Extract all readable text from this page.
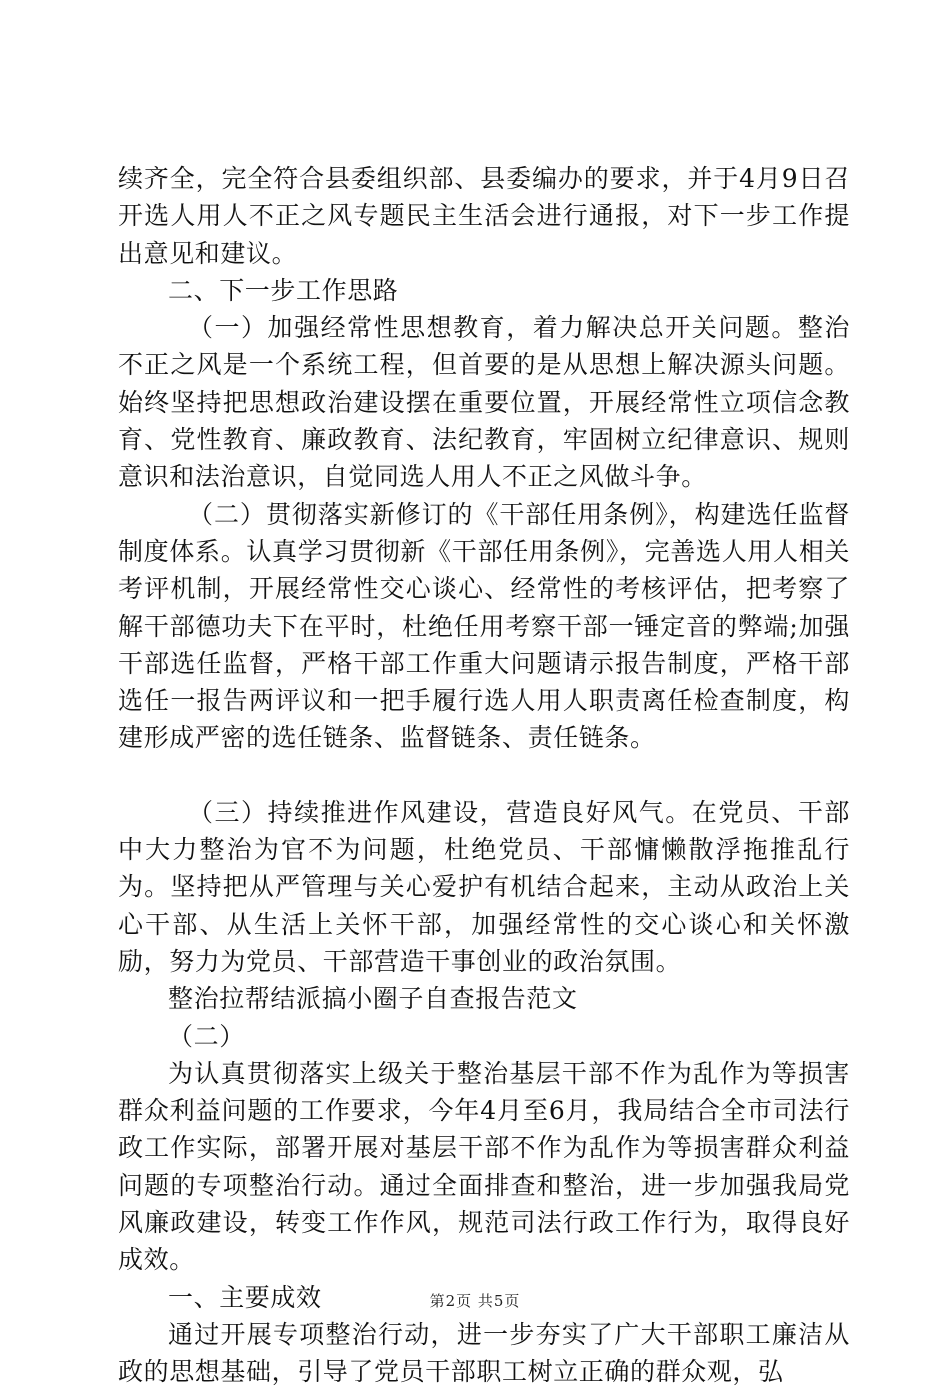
续齐全，完全符合县委组织部、县委编办的要求，并于4月9日召开选人用人不正之风专题民主生活会进行通报，对下一步工作提出意见和建议。

二、下一步工作思路

（一）加强经常性思想教育，着力解决总开关问题。整治不正之风是一个系统工程，但首要的是从思想上解决源头问题。始终坚持把思想政治建设摆在重要位置，开展经常性立项信念教育、党性教育、廉政教育、法纪教育，牢固树立纪律意识、规则意识和法治意识，自觉同选人用人不正之风做斗争。

（二）贯彻落实新修订的《干部任用条例》，构建选任监督制度体系。认真学习贯彻新《干部任用条例》，完善选人用人相关考评机制，开展经常性交心谈心、经常性的考核评估，把考察了解干部德功夫下在平时，杜绝任用考察干部一锤定音的弊端;加强干部选任监督，严格干部工作重大问题请示报告制度，严格干部选任一报告两评议和一把手履行选人用人职责离任检查制度，构建形成严密的选任链条、监督链条、责任链条。

（三）持续推进作风建设，营造良好风气。在党员、干部中大力整治为官不为问题，杜绝党员、干部慵懒散浮拖推乱行为。坚持把从严管理与关心爱护有机结合起来，主动从政治上关心干部、从生活上关怀干部，加强经常性的交心谈心和关怀激励，努力为党员、干部营造干事创业的政治氛围。

整治拉帮结派搞小圈子自查报告范文

（二）

为认真贯彻落实上级关于整治基层干部不作为乱作为等损害群众利益问题的工作要求，今年4月至6月，我局结合全市司法行政工作实际，部署开展对基层干部不作为乱作为等损害群众利益问题的专项整治行动。通过全面排查和整治，进一步加强我局党风廉政建设，转变工作作风，规范司法行政工作行为，取得良好成效。

一、主要成效

通过开展专项整治行动，进一步夯实了广大干部职工廉洁从政的思想基础，引导了党员干部职工树立正确的群众观，弘

第2页 共5页
